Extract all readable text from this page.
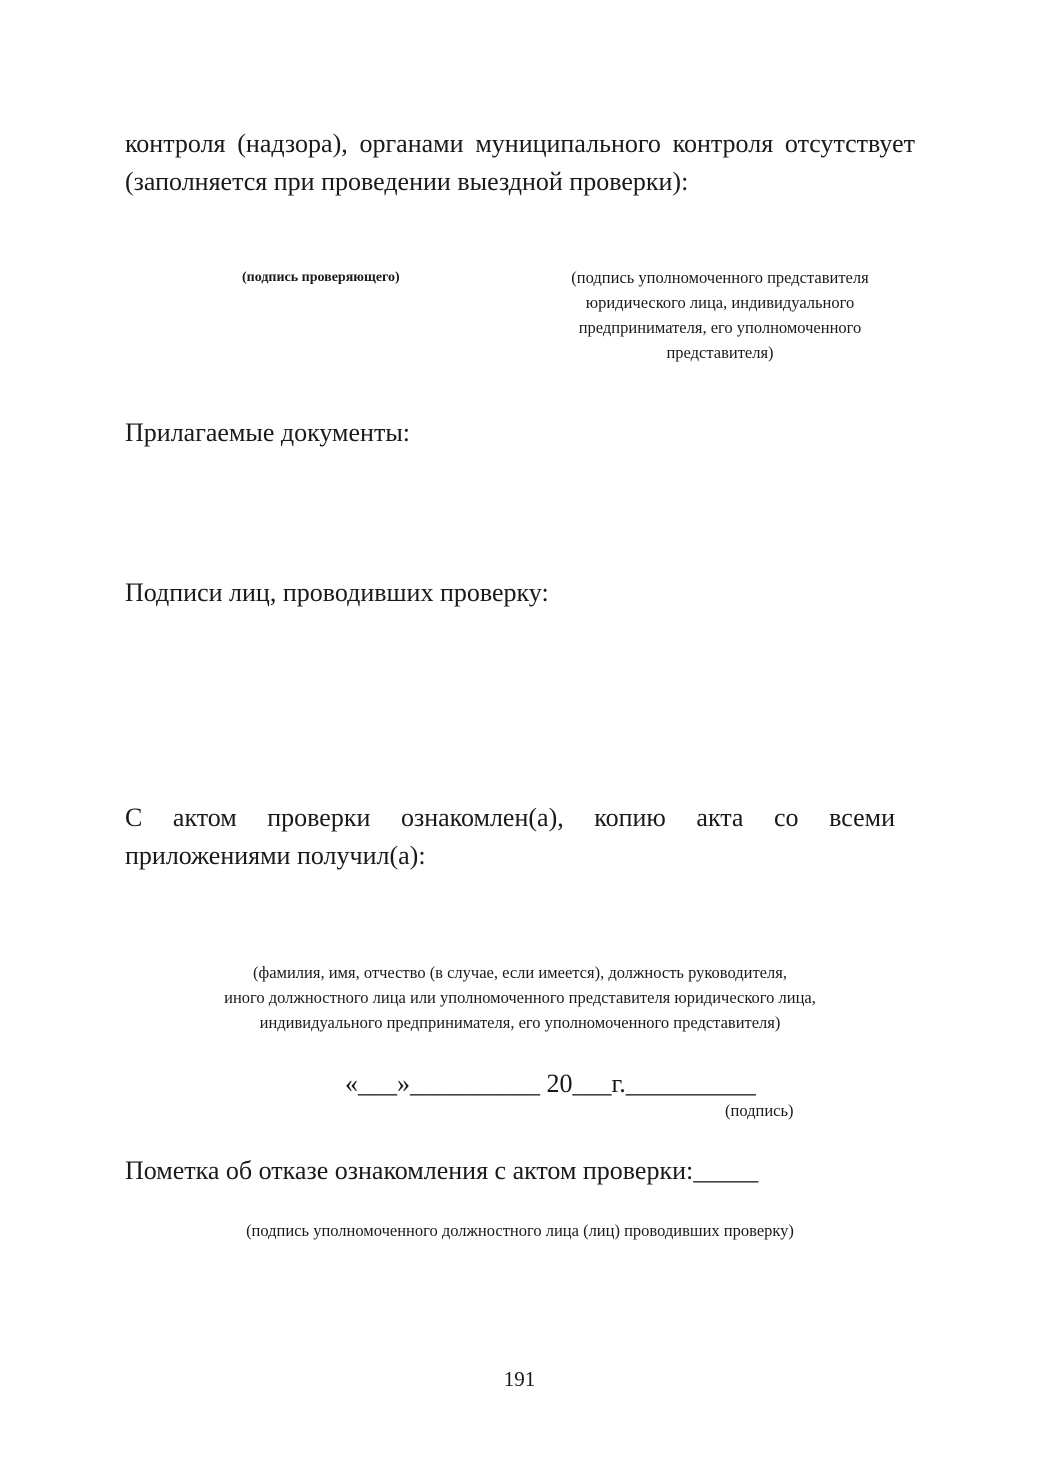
контроля (надзора), органами муниципального контроля отсутствует (заполняется при проведении выездной проверки):
(подпись проверяющего)	(подпись уполномоченного представителя
юридического лица, индивидуального
предпринимателя, его уполномоченного
представителя)
Прилагаемые документы:
Подписи лиц, проводивших проверку:
С актом проверки ознакомлен(а), копию акта со всеми приложениями получил(а):
(фамилия, имя, отчество (в случае, если имеется), должность руководителя,
иного должностного лица или уполномоченного представителя юридического лица,
индивидуального предпринимателя, его уполномоченного представителя)
«___»__________ 20___г.__________
(подпись)
Пометка об отказе ознакомления с актом проверки:_____
(подпись уполномоченного должностного лица (лиц) проводивших проверку)
191
